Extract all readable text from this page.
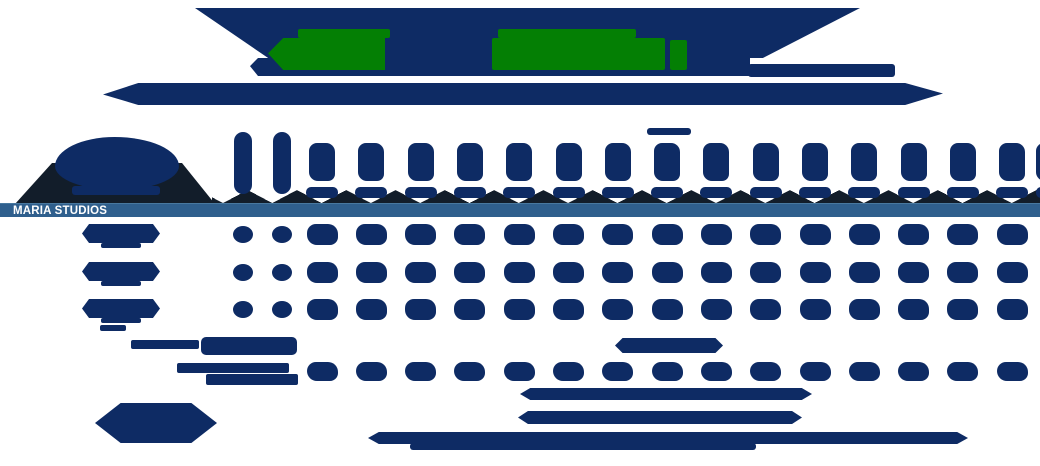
MARIA STUDIOS
